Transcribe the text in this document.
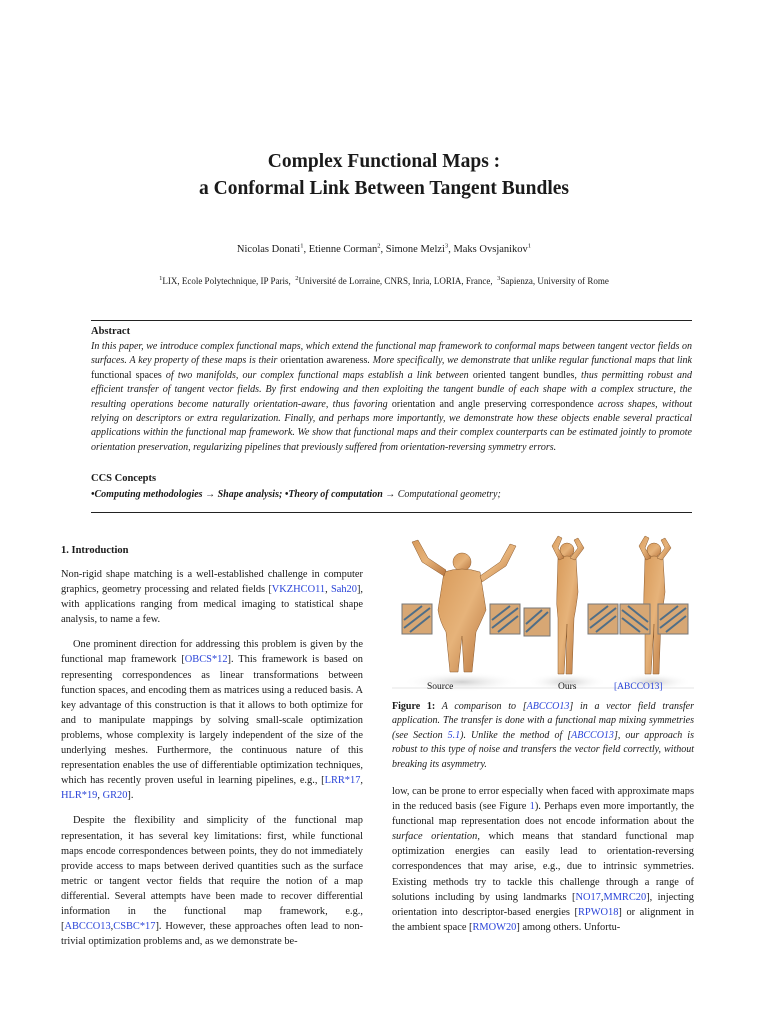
Complex Functional Maps :
a Conformal Link Between Tangent Bundles
Nicolas Donati$^1$, Etienne Corman$^2$, Simone Melzi$^3$, Maks Ovsjanikov$^1$
$^1$LIX, Ecole Polytechnique, IP Paris, $^2$Université de Lorraine, CNRS, Inria, LORIA, France, $^3$Sapienza, University of Rome
Abstract
In this paper, we introduce complex functional maps, which extend the functional map framework to conformal maps between tangent vector fields on surfaces. A key property of these maps is their orientation awareness. More specifically, we demonstrate that unlike regular functional maps that link functional spaces of two manifolds, our complex functional maps establish a link between oriented tangent bundles, thus permitting robust and efficient transfer of tangent vector fields. By first endowing and then exploiting the tangent bundle of each shape with a complex structure, the resulting operations become naturally orientation-aware, thus favoring orientation and angle preserving correspondence across shapes, without relying on descriptors or extra regularization. Finally, and perhaps more importantly, we demonstrate how these objects enable several practical applications within the functional map framework. We show that functional maps and their complex counterparts can be estimated jointly to promote orientation preservation, regularizing pipelines that previously suffered from orientation-reversing symmetry errors.
CCS Concepts
•Computing methodologies → Shape analysis; •Theory of computation → Computational geometry;
1. Introduction

Non-rigid shape matching is a well-established challenge in computer graphics, geometry processing and related fields [VKZHCO11, Sah20], with applications ranging from medical imaging to statistical shape analysis, to name a few.

One prominent direction for addressing this problem is given by the functional map framework [OBCS*12]. This framework is based on representing correspondences as linear transformations between function spaces, and encoding them as matrices using a reduced basis. A key advantage of this construction is that it allows to both optimize for and to manipulate mappings by solving small-scale optimization problems, whose complexity is largely independent of the size of the underlying meshes. Furthermore, the continuous nature of this representation enables the use of differentiable optimization techniques, which has recently proven useful in learning pipelines, e.g., [LRR*17, HLR*19, GR20].

Despite the flexibility and simplicity of the functional map representation, it has several key limitations: first, while functional maps encode correspondences between points, they do not immediately provide access to maps between derived quantities such as the surface metric or tangent vector fields that require the notion of a map differential. Several attempts have been made to recover differential information in the functional map framework, e.g., [ABCCO13,CSBC*17]. However, these approaches often lead to non-trivial optimization problems and, as we demonstrate be-

Source	Ours	[ABCCO13]
Figure 1: A comparison to [ABCCO13] in a vector field transfer application. The transfer is done with a functional map mixing symmetries (see Section 5.1). Unlike the method of [ABCCO13], our approach is robust to this type of noise and transfers the vector field correctly, without breaking its asymmetry.
low, can be prone to error especially when faced with approximate maps in the reduced basis (see Figure 1). Perhaps even more importantly, the functional map representation does not encode information about the surface orientation, which means that standard functional map optimization energies can easily lead to orientation-reversing correspondences that may arise, e.g., due to intrinsic symmetries. Existing methods try to tackle this challenge through a range of solutions including by using landmarks [NO17,MMRC20], injecting orientation into descriptor-based energies [RPWO18] or alignment in the ambient space [RMOW20] among others. Unfortu-
